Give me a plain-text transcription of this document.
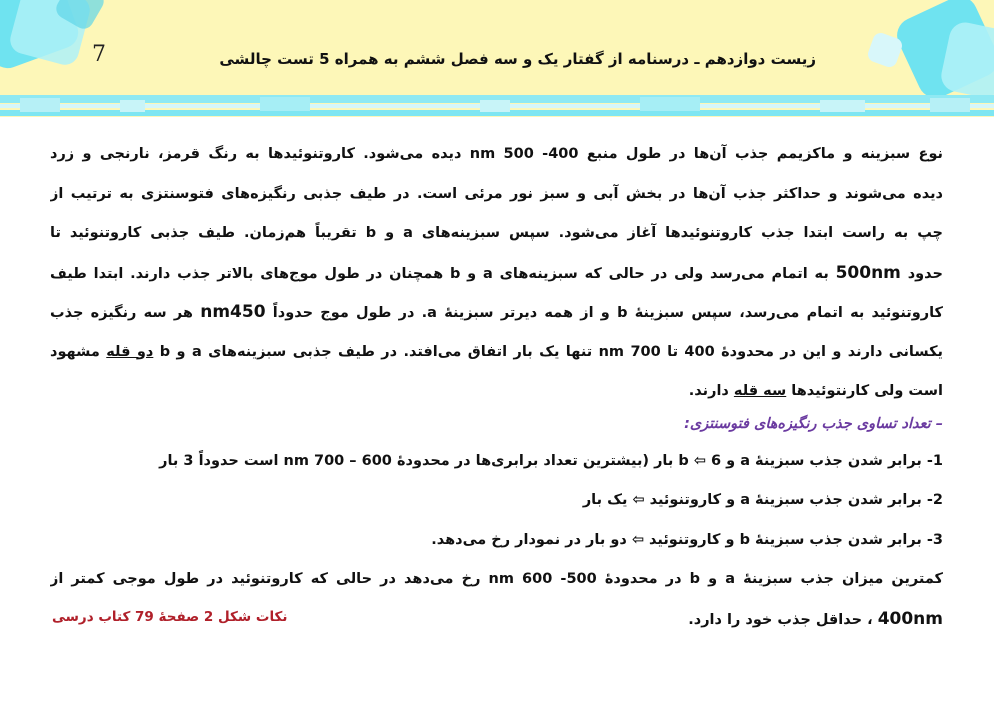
7	زیست دوازدهم ـ درسنامه از گفتار یک و سه فصل ششم به همراه 5 تست چالشی
نوع سبزینه و ماکزیمم جذب آن‌ها در طول منبع 400- nm 500 دیده می‌شود. کاروتنوئیدها به رنگ قرمز، نارنجی و زرد
دیده می‌شوند و حداکثر جذب آن‌ها در بخش آبی و سبز نور مرئی است. در طیف جذبی رنگیزه‌های فتوسنتزی به ترتیب از
چپ به راست ابتدا جذب کاروتنوئیدها آغاز می‌شود. سپس سبزینه‌های a و b تقریباً هم‌زمان. طیف جذبی کاروتنوئید تا
حدود 500nm به اتمام می‌رسد ولی در حالی که سبزینه‌های a و b همچنان در طول موج‌های بالاتر جذب دارند. ابتدا طیف
کاروتنوئید به اتمام می‌رسد، سپس سبزینهٔ b و از همه دیرتر سبزینهٔ a. در طول موج حدوداً nm450 هر سه رنگیزه جذب
یکسانی دارند و این در محدودهٔ 400 تا nm 700 تنها یک بار اتفاق می‌افتد. در طیف جذبی سبزینه‌های a و b دو قله مشهود
است ولی کارنتوئیدها سه قله دارند.
– تعداد تساوی جذب رنگیزه‌های فتوسنتزی:
1- برابر شدن جذب سبزینهٔ a و b ⇦ 6 بار (بیشترین تعداد برابری‌ها در محدودهٔ 600 – nm 700 است حدوداً 3 بار
2- برابر شدن جذب سبزینهٔ a و کاروتنوئید ⇦ یک بار
3- برابر شدن جذب سبزینهٔ b و کاروتنوئید ⇦ دو بار در نمودار رخ می‌دهد.
کمترین میزان جذب سبزینهٔ a و b در محدودهٔ 500- nm 600 رخ می‌دهد در حالی که کاروتنوئید در طول موجی کمتر از
400nm ، حداقل جذب خود را دارد.
نکات شکل 2 صفحهٔ 79 کتاب درسی
